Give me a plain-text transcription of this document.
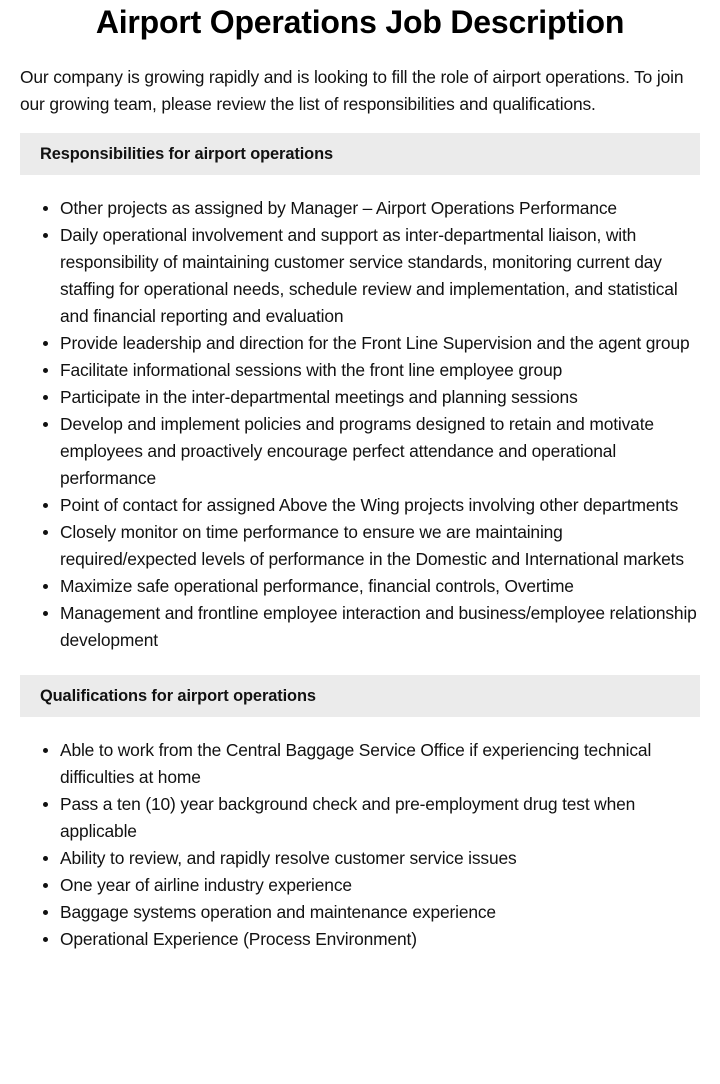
Airport Operations Job Description

Our company is growing rapidly and is looking to fill the role of airport operations. To join our growing team, please review the list of responsibilities and qualifications.

Responsibilities for airport operations
Other projects as assigned by Manager – Airport Operations Performance
Daily operational involvement and support as inter-departmental liaison, with responsibility of maintaining customer service standards, monitoring current day staffing for operational needs, schedule review and implementation, and statistical and financial reporting and evaluation
Provide leadership and direction for the Front Line Supervision and the agent group
Facilitate informational sessions with the front line employee group
Participate in the inter-departmental meetings and planning sessions
Develop and implement policies and programs designed to retain and motivate employees and proactively encourage perfect attendance and operational performance
Point of contact for assigned Above the Wing projects involving other departments
Closely monitor on time performance to ensure we are maintaining required/expected levels of performance in the Domestic and International markets
Maximize safe operational performance, financial controls, Overtime
Management and frontline employee interaction and business/employee relationship development
Qualifications for airport operations
Able to work from the Central Baggage Service Office if experiencing technical difficulties at home
Pass a ten (10) year background check and pre-employment drug test when applicable
Ability to review, and rapidly resolve customer service issues
One year of airline industry experience
Baggage systems operation and maintenance experience
Operational Experience (Process Environment)
